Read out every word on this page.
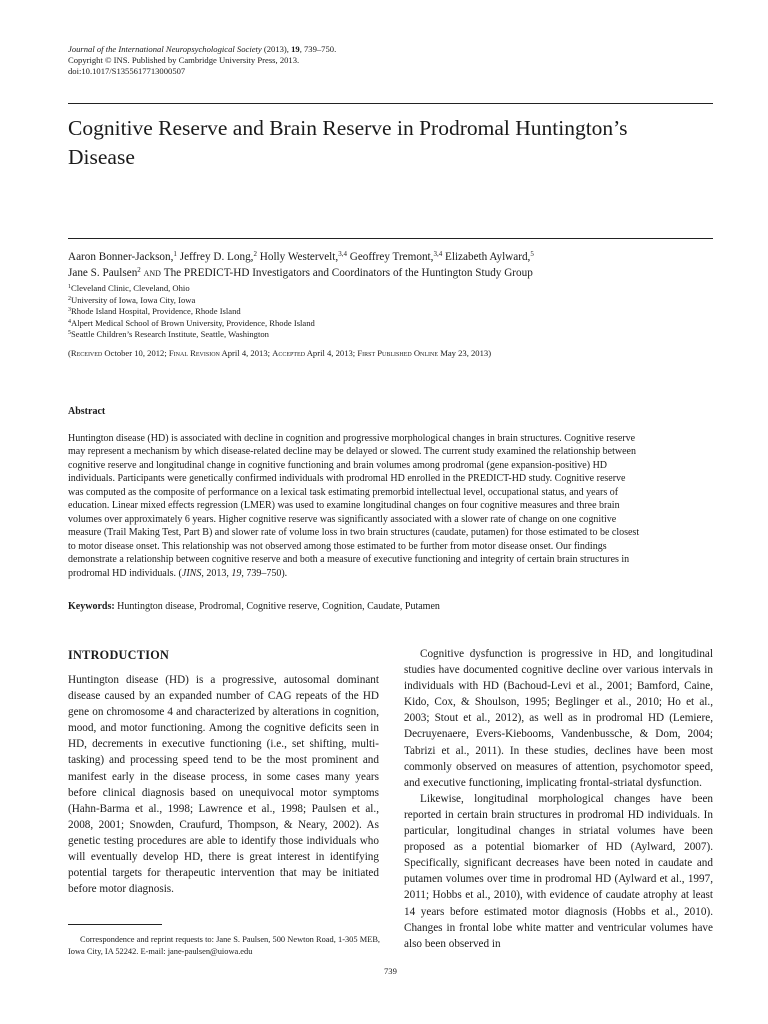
Journal of the International Neuropsychological Society (2013), 19, 739–750.
Copyright © INS. Published by Cambridge University Press, 2013.
doi:10.1017/S1355617713000507
Cognitive Reserve and Brain Reserve in Prodromal Huntington’s Disease
Aaron Bonner-Jackson,$^1$ Jeffrey D. Long,$^2$ Holly Westervelt,$^{3,4}$ Geoffrey Tremont,$^{3,4}$ Elizabeth Aylward,$^5$
Jane S. Paulsen$^2$ and The PREDICT-HD Investigators and Coordinators of the Huntington Study Group
$^1$Cleveland Clinic, Cleveland, Ohio
$^2$University of Iowa, Iowa City, Iowa
$^3$Rhode Island Hospital, Providence, Rhode Island
$^4$Alpert Medical School of Brown University, Providence, Rhode Island
$^5$Seattle Children’s Research Institute, Seattle, Washington
(Received October 10, 2012; Final Revision April 4, 2013; Accepted April 4, 2013; First Published Online May 23, 2013)
Abstract

Huntington disease (HD) is associated with decline in cognition and progressive morphological changes in brain structures. Cognitive reserve may represent a mechanism by which disease-related decline may be delayed or slowed. The current study examined the relationship between cognitive reserve and longitudinal change in cognitive functioning and brain volumes among prodromal (gene expansion-positive) HD individuals. Participants were genetically confirmed individuals with prodromal HD enrolled in the PREDICT-HD study. Cognitive reserve was computed as the composite of performance on a lexical task estimating premorbid intellectual level, occupational status, and years of education. Linear mixed effects regression (LMER) was used to examine longitudinal changes on four cognitive measures and three brain volumes over approximately 6 years. Higher cognitive reserve was significantly associated with a slower rate of change on one cognitive measure (Trail Making Test, Part B) and slower rate of volume loss in two brain structures (caudate, putamen) for those estimated to be closest to motor disease onset. This relationship was not observed among those estimated to be further from motor disease onset. Our findings demonstrate a relationship between cognitive reserve and both a measure of executive functioning and integrity of certain brain structures in prodromal HD individuals. (JINS, 2013, 19, 739–750).

Keywords: Huntington disease, Prodromal, Cognitive reserve, Cognition, Caudate, Putamen
INTRODUCTION

Huntington disease (HD) is a progressive, autosomal dominant disease caused by an expanded number of CAG repeats of the HD gene on chromosome 4 and characterized by alterations in cognition, mood, and motor functioning. Among the cognitive deficits seen in HD, decrements in executive functioning (i.e., set shifting, multi-tasking) and processing speed tend to be the most prominent and manifest early in the disease process, in some cases many years before clinical diagnosis based on unequivocal motor symptoms (Hahn-Barma et al., 1998; Lawrence et al., 1998; Paulsen et al., 2008, 2001; Snowden, Craufurd, Thompson, & Neary, 2002). As genetic testing procedures are able to identify those individuals who will eventually develop HD, there is great interest in identifying potential targets for therapeutic intervention that may be initiated before motor diagnosis.

Cognitive dysfunction is progressive in HD, and longitudinal studies have documented cognitive decline over various intervals in individuals with HD (Bachoud-Levi et al., 2001; Bamford, Caine, Kido, Cox, & Shoulson, 1995; Beglinger et al., 2010; Ho et al., 2003; Stout et al., 2012), as well as in prodromal HD (Lemiere, Decruyenaere, Evers-Kiebooms, Vandenbussche, & Dom, 2004; Tabrizi et al., 2011). In these studies, declines have been most commonly observed on measures of attention, psychomotor speed, and executive functioning, implicating frontal-striatal dysfunction.

Likewise, longitudinal morphological changes have been reported in certain brain structures in prodromal HD individuals. In particular, longitudinal changes in striatal volumes have been proposed as a potential biomarker of HD (Aylward, 2007). Specifically, significant decreases have been noted in caudate and putamen volumes over time in prodromal HD (Aylward et al., 1997, 2011; Hobbs et al., 2010), with evidence of caudate atrophy at least 14 years before estimated motor diagnosis (Hobbs et al., 2010). Changes in frontal lobe white matter and ventricular volumes have also been observed in

Correspondence and reprint requests to: Jane S. Paulsen, 500 Newton Road, 1-305 MEB, Iowa City, IA 52242. E-mail: jane-paulsen@uiowa.edu

739
